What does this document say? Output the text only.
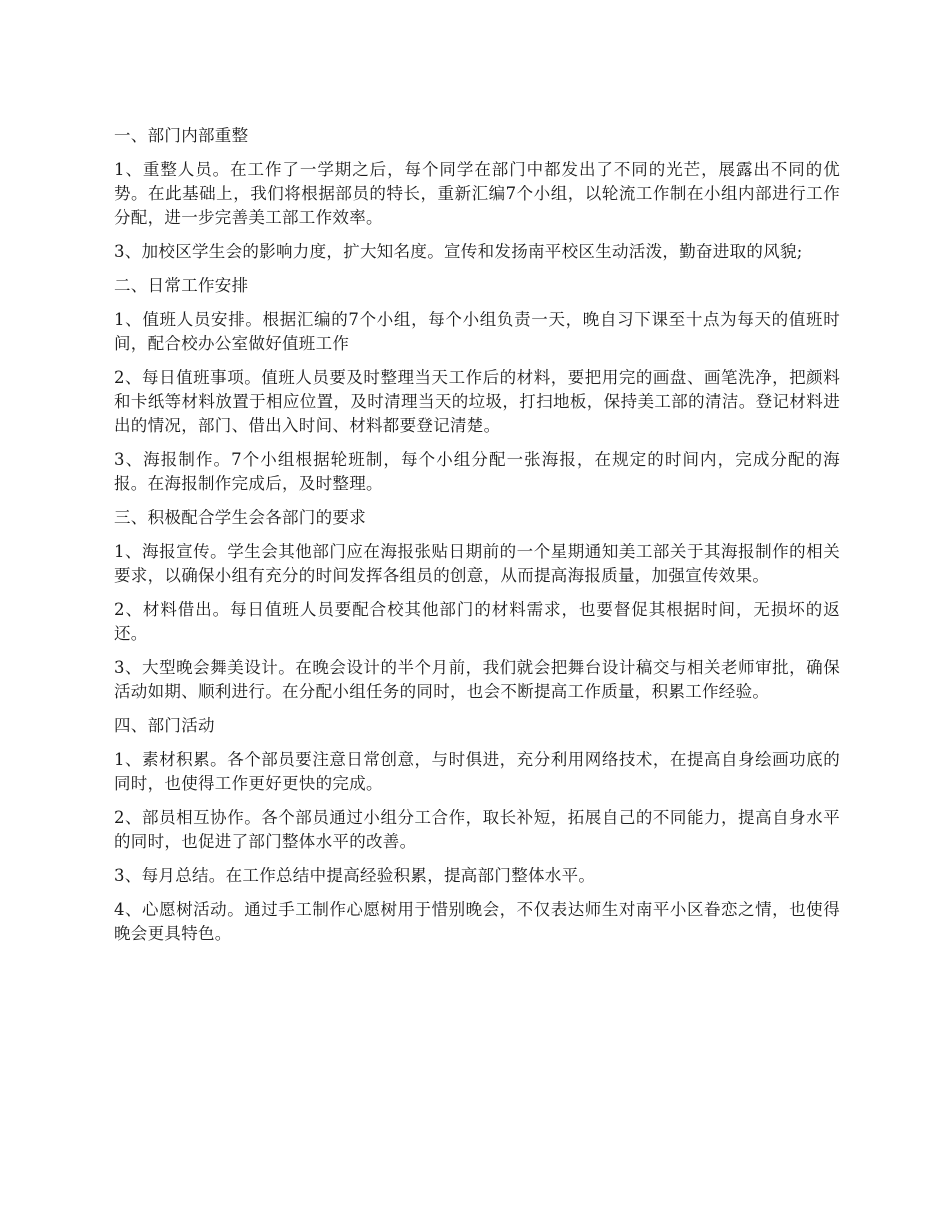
一、部门内部重整

1、重整人员。在工作了一学期之后，每个同学在部门中都发出了不同的光芒，展露出不同的优势。在此基础上，我们将根据部员的特长，重新汇编7个小组，以轮流工作制在小组内部进行工作分配，进一步完善美工部工作效率。

3、加校区学生会的影响力度，扩大知名度。宣传和发扬南平校区生动活泼，勤奋进取的风貌;

二、日常工作安排

1、值班人员安排。根据汇编的7个小组，每个小组负责一天，晚自习下课至十点为每天的值班时间，配合校办公室做好值班工作

2、每日值班事项。值班人员要及时整理当天工作后的材料，要把用完的画盘、画笔洗净，把颜料和卡纸等材料放置于相应位置，及时清理当天的垃圾，打扫地板，保持美工部的清洁。登记材料进出的情况，部门、借出入时间、材料都要登记清楚。

3、海报制作。7个小组根据轮班制，每个小组分配一张海报，在规定的时间内，完成分配的海报。在海报制作完成后，及时整理。

三、积极配合学生会各部门的要求

1、海报宣传。学生会其他部门应在海报张贴日期前的一个星期通知美工部关于其海报制作的相关要求，以确保小组有充分的时间发挥各组员的创意，从而提高海报质量，加强宣传效果。

2、材料借出。每日值班人员要配合校其他部门的材料需求，也要督促其根据时间，无损坏的返还。

3、大型晚会舞美设计。在晚会设计的半个月前，我们就会把舞台设计稿交与相关老师审批，确保活动如期、顺利进行。在分配小组任务的同时，也会不断提高工作质量，积累工作经验。

四、部门活动

1、素材积累。各个部员要注意日常创意，与时俱进，充分利用网络技术，在提高自身绘画功底的同时，也使得工作更好更快的完成。

2、部员相互协作。各个部员通过小组分工合作，取长补短，拓展自己的不同能力，提高自身水平的同时，也促进了部门整体水平的改善。

3、每月总结。在工作总结中提高经验积累，提高部门整体水平。

4、心愿树活动。通过手工制作心愿树用于惜别晚会，不仅表达师生对南平小区眷恋之情，也使得晚会更具特色。
